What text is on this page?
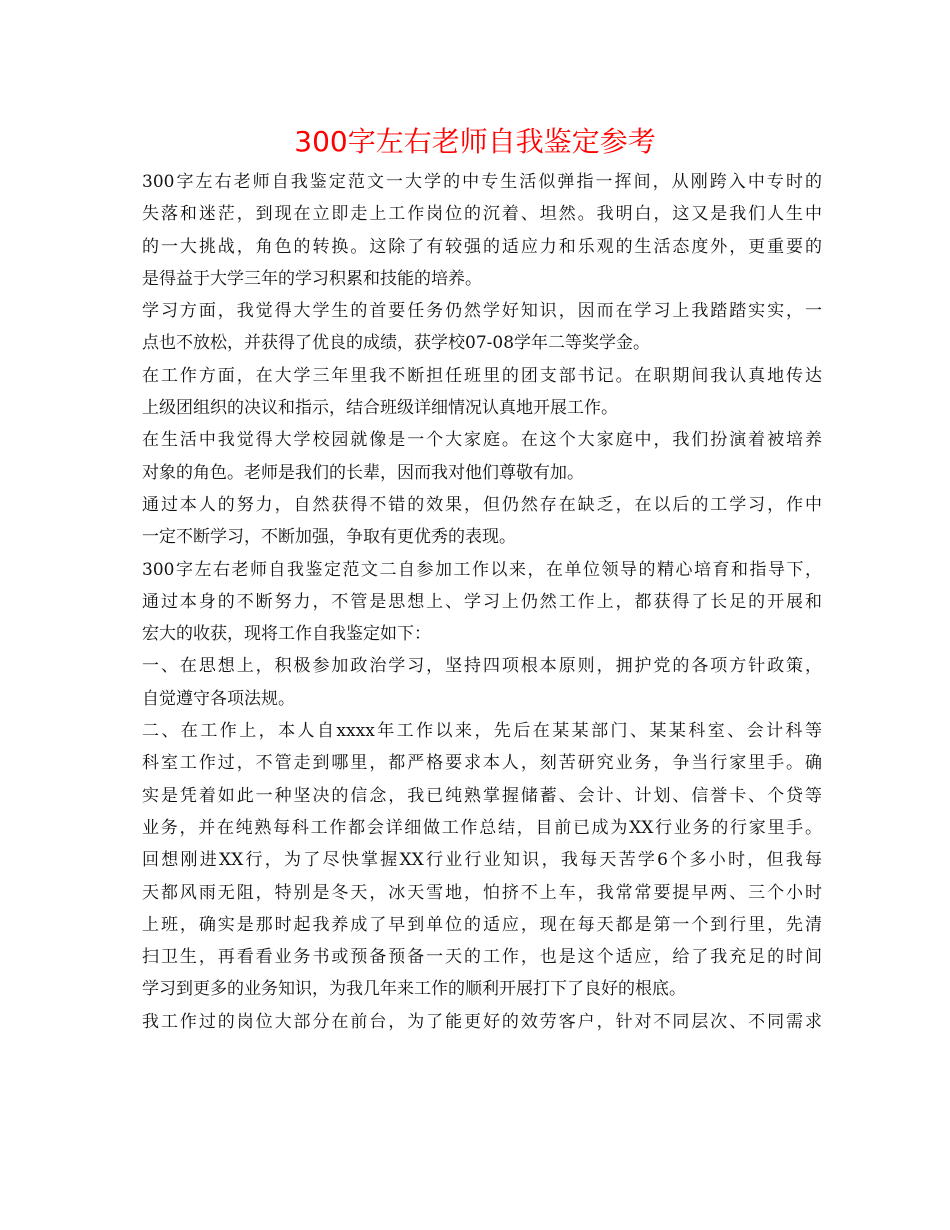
300字左右老师自我鉴定参考
300字左右老师自我鉴定范文一大学的中专生活似弹指一挥间，从刚跨入中专时的
失落和迷茫，到现在立即走上工作岗位的沉着、坦然。我明白，这又是我们人生中
的一大挑战，角色的转换。这除了有较强的适应力和乐观的生活态度外，更重要的
是得益于大学三年的学习积累和技能的培养。
学习方面，我觉得大学生的首要任务仍然学好知识，因而在学习上我踏踏实实，一
点也不放松，并获得了优良的成绩，获学校07-08学年二等奖学金。
在工作方面，在大学三年里我不断担任班里的团支部书记。在职期间我认真地传达
上级团组织的决议和指示，结合班级详细情况认真地开展工作。
在生活中我觉得大学校园就像是一个大家庭。在这个大家庭中，我们扮演着被培养
对象的角色。老师是我们的长辈，因而我对他们尊敬有加。
通过本人的努力，自然获得不错的效果，但仍然存在缺乏，在以后的工学习，作中
一定不断学习，不断加强，争取有更优秀的表现。
300字左右老师自我鉴定范文二自参加工作以来，在单位领导的精心培育和指导下，
通过本身的不断努力，不管是思想上、学习上仍然工作上，都获得了长足的开展和
宏大的收获，现将工作自我鉴定如下：
一、在思想上，积极参加政治学习，坚持四项根本原则，拥护党的各项方针政策，
自觉遵守各项法规。
二、在工作上，本人自xxxx年工作以来，先后在某某部门、某某科室、会计科等
科室工作过，不管走到哪里，都严格要求本人，刻苦研究业务，争当行家里手。确
实是凭着如此一种坚决的信念，我已纯熟掌握储蓄、会计、计划、信誉卡、个贷等
业务，并在纯熟每科工作都会详细做工作总结，目前已成为XX行业务的行家里手。
回想刚进XX行，为了尽快掌握XX行业行业知识，我每天苦学6个多小时，但我每
天都风雨无阻，特别是冬天，冰天雪地，怕挤不上车，我常常要提早两、三个小时
上班，确实是那时起我养成了早到单位的适应，现在每天都是第一个到行里，先清
扫卫生，再看看业务书或预备预备一天的工作，也是这个适应，给了我充足的时间
学习到更多的业务知识，为我几年来工作的顺利开展打下了良好的根底。
我工作过的岗位大部分在前台，为了能更好的效劳客户，针对不同层次、不同需求
